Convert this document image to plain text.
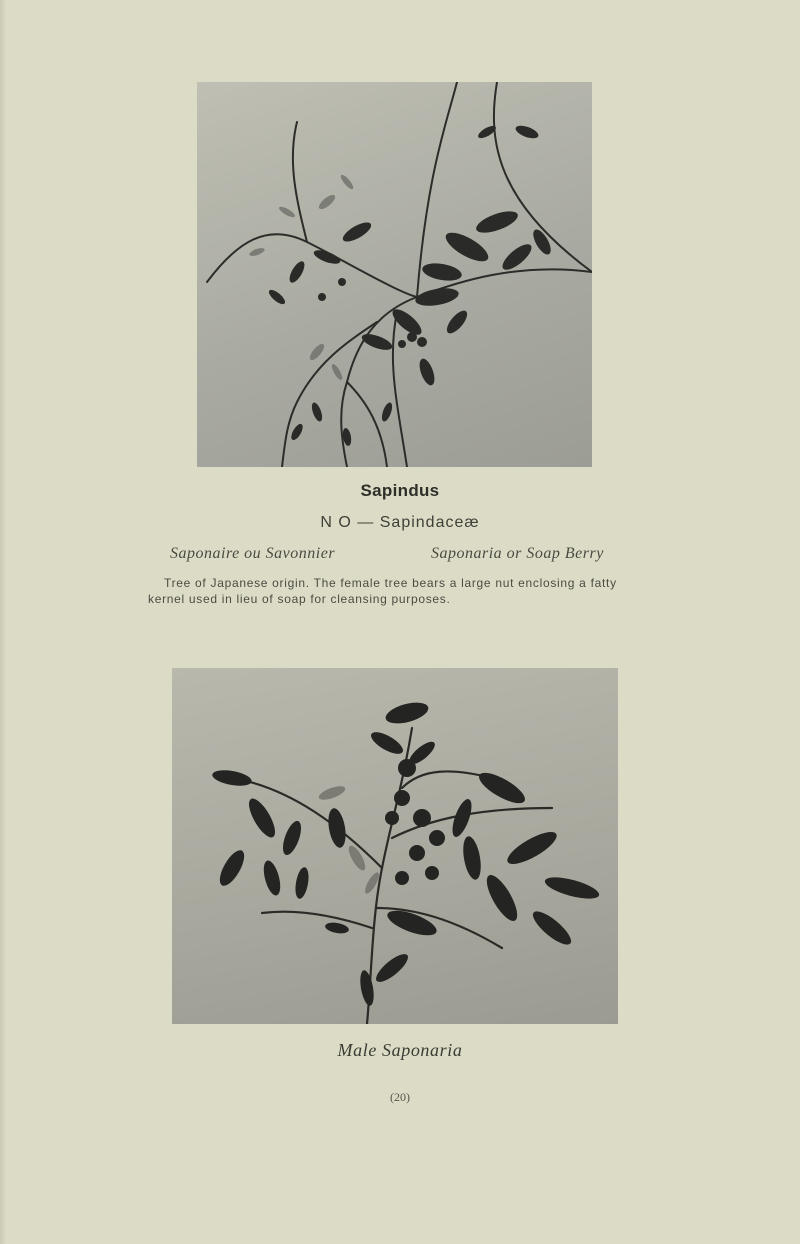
Sapindus
N O — Sapindaceæ
Saponaire ou Savonnier	Saponaria or Soap Berry
Tree of Japanese origin. The female tree bears a large nut enclosing a fatty kernel used in lieu of soap for cleansing purposes.
Male Saponaria
(20)
